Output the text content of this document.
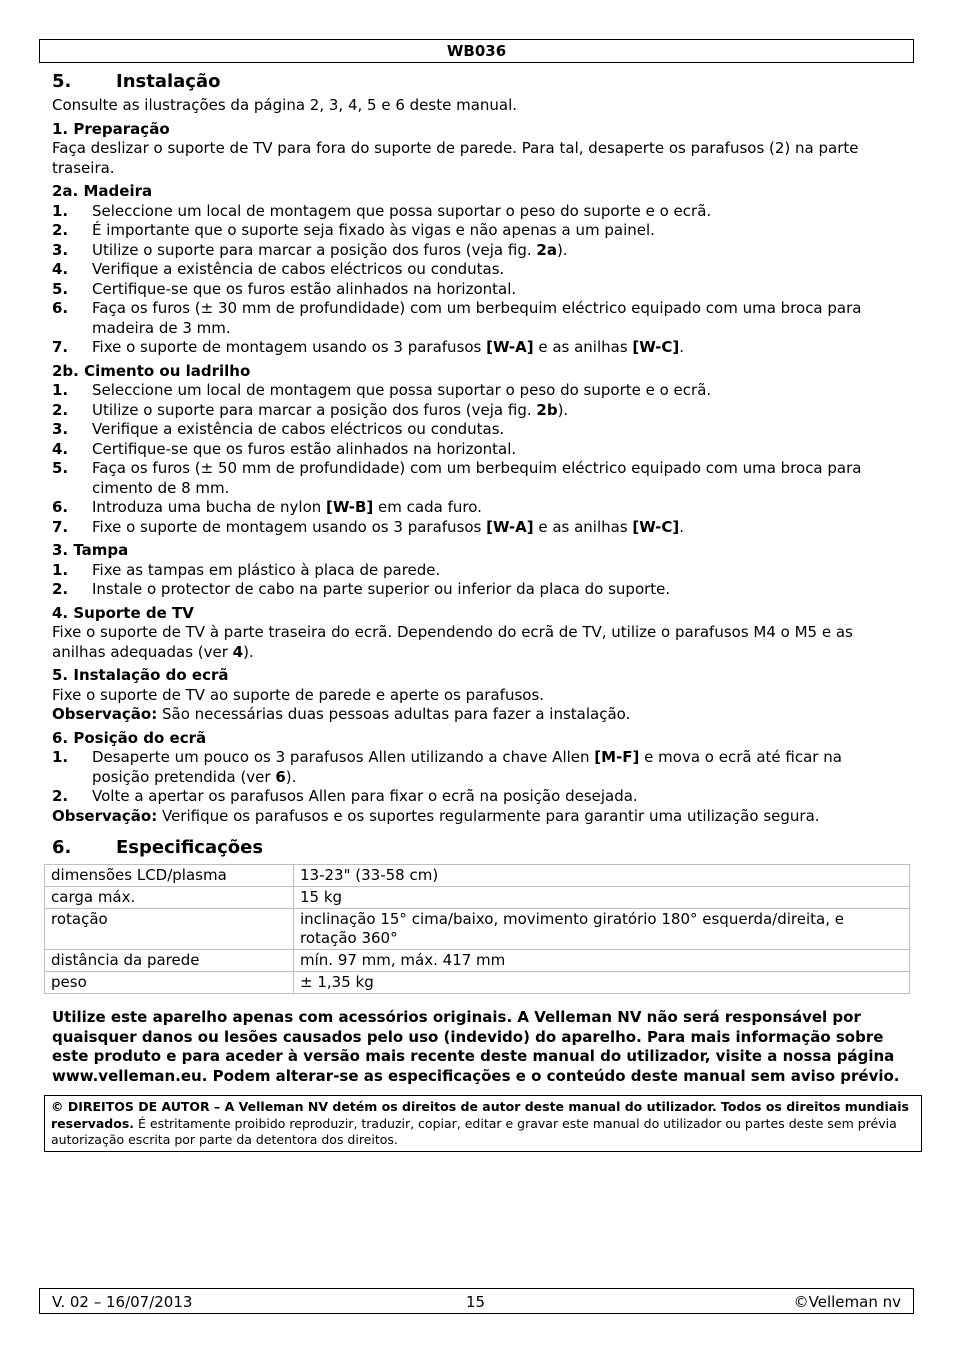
WB036
5.	Instalação

Consulte as ilustrações da página 2, 3, 4, 5 e 6 deste manual.

1. Preparação

Faça deslizar o suporte de TV para fora do suporte de parede. Para tal, desaperte os parafusos (2) na parte traseira.

2a. Madeira
1.	Seleccione um local de montagem que possa suportar o peso do suporte e o ecrã.
2.	É importante que o suporte seja fixado às vigas e não apenas a um painel.
3.	Utilize o suporte para marcar a posição dos furos (veja fig. 2a).
4.	Verifique a existência de cabos eléctricos ou condutas.
5.	Certifique-se que os furos estão alinhados na horizontal.
6.	Faça os furos (± 30 mm de profundidade) com um berbequim eléctrico equipado com uma broca para madeira de 3 mm.
7.	Fixe o suporte de montagem usando os 3 parafusos [W-A] e as anilhas [W-C].
2b. Cimento ou ladrilho
1.	Seleccione um local de montagem que possa suportar o peso do suporte e o ecrã.
2.	Utilize o suporte para marcar a posição dos furos (veja fig. 2b).
3.	Verifique a existência de cabos eléctricos ou condutas.
4.	Certifique-se que os furos estão alinhados na horizontal.
5.	Faça os furos (± 50 mm de profundidade) com um berbequim eléctrico equipado com uma broca para cimento de 8 mm.
6.	Introduza uma bucha de nylon [W-B] em cada furo.
7.	Fixe o suporte de montagem usando os 3 parafusos [W-A] e as anilhas [W-C].
3. Tampa
1.	Fixe as tampas em plástico à placa de parede.
2.	Instale o protector de cabo na parte superior ou inferior da placa do suporte.
4. Suporte de TV

Fixe o suporte de TV à parte traseira do ecrã. Dependendo do ecrã de TV, utilize o parafusos M4 o M5 e as anilhas adequadas (ver 4).

5. Instalação do ecrã

Fixe o suporte de TV ao suporte de parede e aperte os parafusos.

Observação: São necessárias duas pessoas adultas para fazer a instalação.

6. Posição do ecrã
1.	Desaperte um pouco os 3 parafusos Allen utilizando a chave Allen [M-F] e mova o ecrã até ficar na posição pretendida (ver 6).
2.	Volte a apertar os parafusos Allen para fixar o ecrã na posição desejada.

Observação: Verifique os parafusos e os suportes regularmente para garantir uma utilização segura.

6.	Especificações
dimensões LCD/plasma	13-23" (33-58 cm)
carga máx.	15 kg
rotação	inclinação 15° cima/baixo, movimento giratório 180° esquerda/direita, e rotação 360°
distância da parede	mín. 97 mm, máx. 417 mm
peso	± 1,35 kg

Utilize este aparelho apenas com acessórios originais. A Velleman NV não será responsável por quaisquer danos ou lesões causados pelo uso (indevido) do aparelho. Para mais informação sobre este produto e para aceder à versão mais recente deste manual do utilizador, visite a nossa página www.velleman.eu. Podem alterar-se as especificações e o conteúdo deste manual sem aviso prévio.

© DIREITOS DE AUTOR – A Velleman NV detém os direitos de autor deste manual do utilizador. Todos os direitos mundiais reservados. É estritamente proibido reproduzir, traduzir, copiar, editar e gravar este manual do utilizador ou partes deste sem prévia autorização escrita por parte da detentora dos direitos.
V. 02 – 16/07/2013	15	©Velleman nv
